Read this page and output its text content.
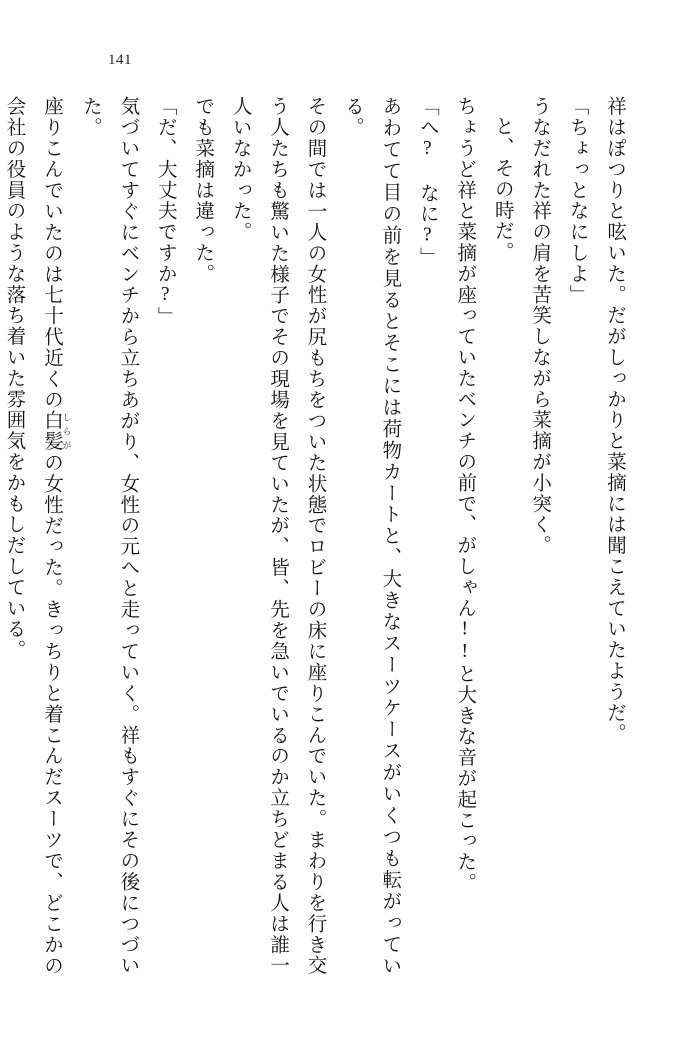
141
祥はぽつりと呟いた。だがしっかりと菜摘には聞こえていたようだ。
「ちょっとなにしよ」
うなだれた祥の肩を苦笑しながら菜摘が小突く。
と、その時だ。
ちょうど祥と菜摘が座っていたベンチの前で、がしゃん!!と大きな音が起こった。
「へ? なに?」
あわてて目の前を見るとそこには荷物カートと、大きなスーツケースがいくつも転がっている。
その間では一人の女性が尻もちをついた状態でロビーの床に座りこんでいた。まわりを行き交う人たちも驚いた様子でその現場を見ていたが、皆、先を急いでいるのか立ちどまる人は誰一人いなかった。
でも菜摘は違った。
「だ、大丈夫ですか?」
気づいてすぐにベンチから立ちあがり、女性の元へと走っていく。祥もすぐにその後につづいた。
座りこんでいたのは七十代近くの白髪 しらがの女性だった。きっちりと着こんだスーツで、どこかの会社の役員のような落ち着いた雰囲気をかもしだしている。
